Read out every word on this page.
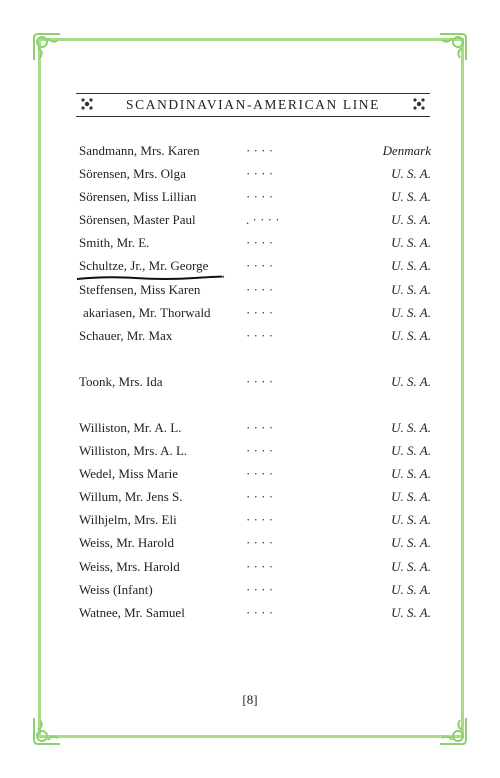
SCANDINAVIAN-AMERICAN LINE
Sandmann, Mrs. Karen	· · · ·	Denmark
Sörensen, Mrs. Olga	· · · ·	U. S. A.
Sörensen, Miss Lillian	· · · ·	U. S. A.
Sörensen, Master Paul	. · · · ·	U. S. A.
Smith, Mr. E.	· · · ·	U. S. A.
Schultze, Jr., Mr. George	· · · ·	U. S. A.
Steffensen, Miss Karen	· · · ·	U. S. A.
akariasen, Mr. Thorwald	· · · ·	U. S. A.
Schauer, Mr. Max	· · · ·	U. S. A.
Toonk, Mrs. Ida	· · · ·	U. S. A.
Williston, Mr. A. L.	· · · ·	U. S. A.
Williston, Mrs. A. L.	· · · ·	U. S. A.
Wedel, Miss Marie	· · · ·	U. S. A.
Willum, Mr. Jens S.	· · · ·	U. S. A.
Wilhjelm, Mrs. Eli	· · · ·	U. S. A.
Weiss, Mr. Harold	· · · ·	U. S. A.
Weiss, Mrs. Harold	· · · ·	U. S. A.
Weiss (Infant)	· · · ·	U. S. A.
Watnee, Mr. Samuel	· · · ·	U. S. A.
[8]
